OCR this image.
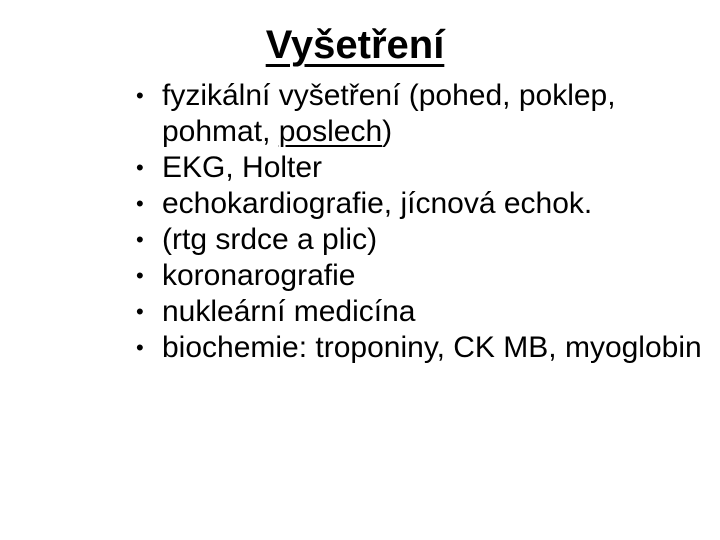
Vyšetření
• fyzikální vyšetření (pohed, poklep, pohmat, poslech)
• EKG, Holter
• echokardiografie, jícnová echok.
• (rtg srdce a plic)
• koronarografie
• nukleární medicína
• biochemie: troponiny, CK MB, myoglobin
